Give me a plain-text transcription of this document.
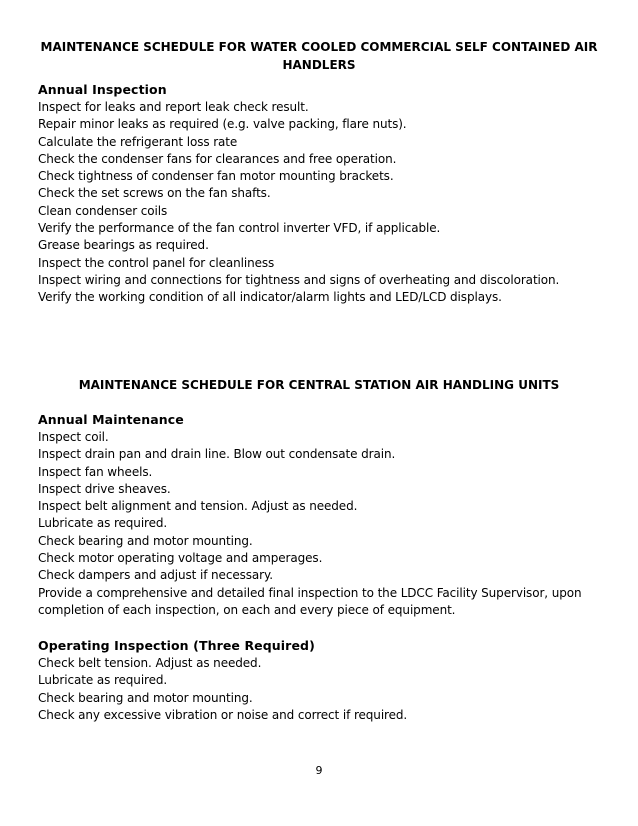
MAINTENANCE SCHEDULE FOR WATER COOLED COMMERCIAL SELF CONTAINED AIR
HANDLERS
Annual Inspection
Inspect for leaks and report leak check result.
Repair minor leaks as required (e.g. valve packing, flare nuts).
Calculate the refrigerant loss rate
Check the condenser fans for clearances and free operation.
Check tightness of condenser fan motor mounting brackets.
Check the set screws on the fan shafts.
Clean condenser coils
Verify the performance of the fan control inverter VFD, if applicable.
Grease bearings as required.
Inspect the control panel for cleanliness
Inspect wiring and connections for tightness and signs of overheating and discoloration.
Verify the working condition of all indicator/alarm lights and LED/LCD displays.
MAINTENANCE SCHEDULE FOR CENTRAL STATION AIR HANDLING UNITS
Annual Maintenance
Inspect coil.
Inspect drain pan and drain line. Blow out condensate drain.
Inspect fan wheels.
Inspect drive sheaves.
Inspect belt alignment and tension. Adjust as needed.
Lubricate as required.
Check bearing and motor mounting.
Check motor operating voltage and amperages.
Check dampers and adjust if necessary.
Provide a comprehensive and detailed final inspection to the LDCC Facility Supervisor, upon
completion of each inspection, on each and every piece of equipment.
Operating Inspection (Three Required)
Check belt tension. Adjust as needed.
Lubricate as required.
Check bearing and motor mounting.
Check any excessive vibration or noise and correct if required.
9
